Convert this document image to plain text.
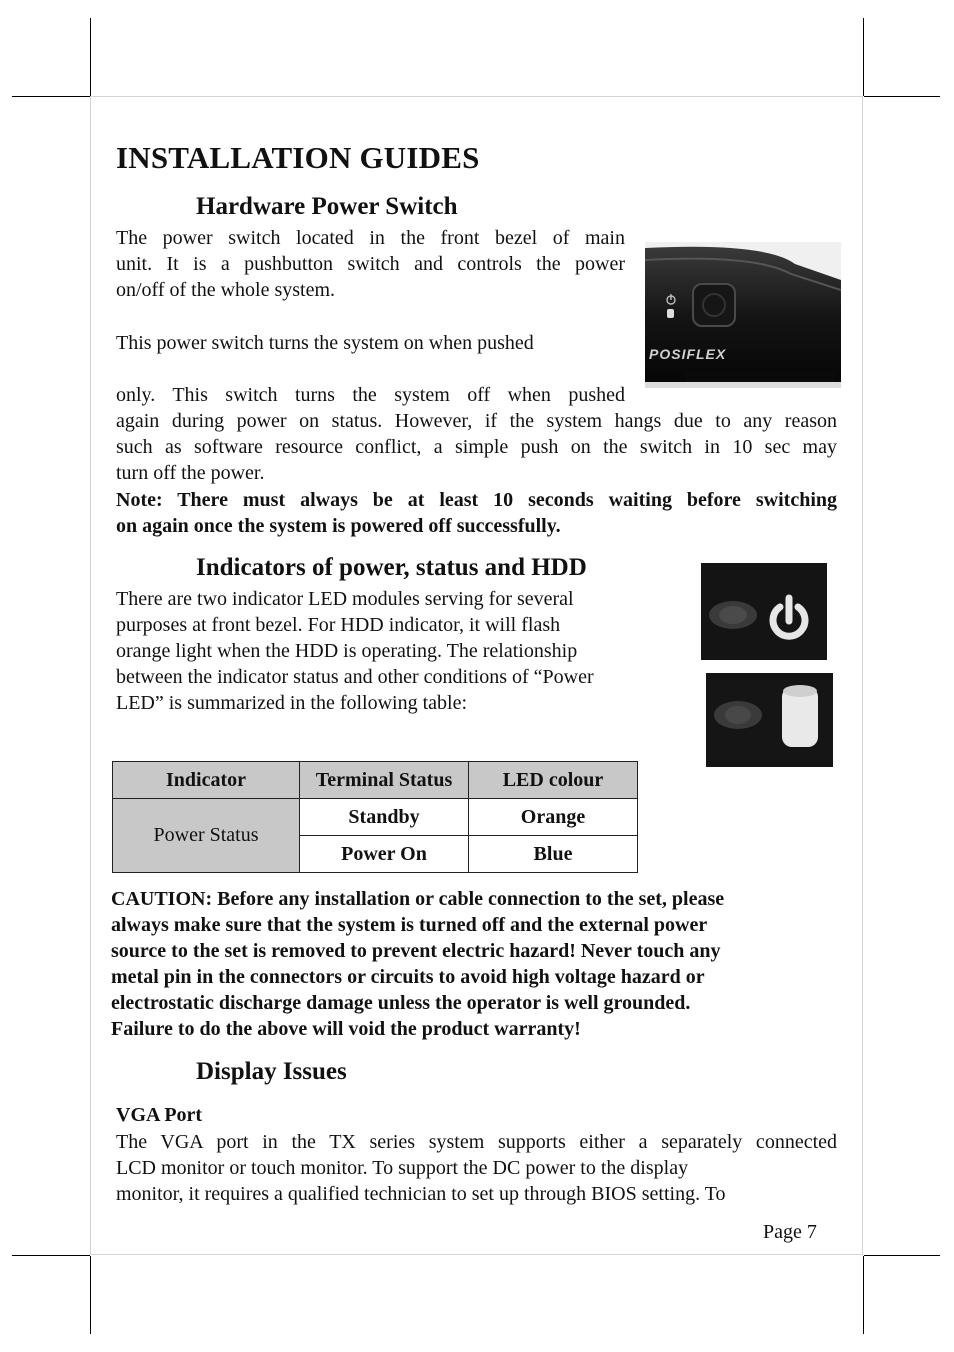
INSTALLATION GUIDES
Hardware Power Switch

The power switch located in the front bezel of main

unit. It is a pushbutton switch and controls the power

on/off of the whole system.

This power switch turns the system on when pushed

only. This switch turns the system off when pushed

again during power on status. However, if the system hangs due to any reason

such as software resource conflict, a simple push on the switch in 10 sec may

turn off the power.

Note: There must always be at least 10 seconds waiting before switching

on again once the system is powered off successfully.

POSIFLEX
Indicators of power, status and HDD

There are two indicator LED modules serving for several

purposes at front bezel. For HDD indicator, it will flash

orange light when the HDD is operating. The relationship

between the indicator status and other conditions of “Power

LED” is summarized in the following table:

Indicator	Terminal Status	LED colour
Power Status	Standby	Orange
	Power On	Blue

CAUTION: Before any installation or cable connection to the set, please

always make sure that the system is turned off and the external power

source to the set is removed to prevent electric hazard! Never touch any

metal pin in the connectors or circuits to avoid high voltage hazard or

electrostatic discharge damage unless the operator is well grounded.

Failure to do the above will void the product warranty!

Display Issues

VGA Port

The VGA port in the TX series system supports either a separately connected

LCD monitor or touch monitor. To support the DC power to the display

monitor, it requires a qualified technician to set up through BIOS setting. To

Page 7
